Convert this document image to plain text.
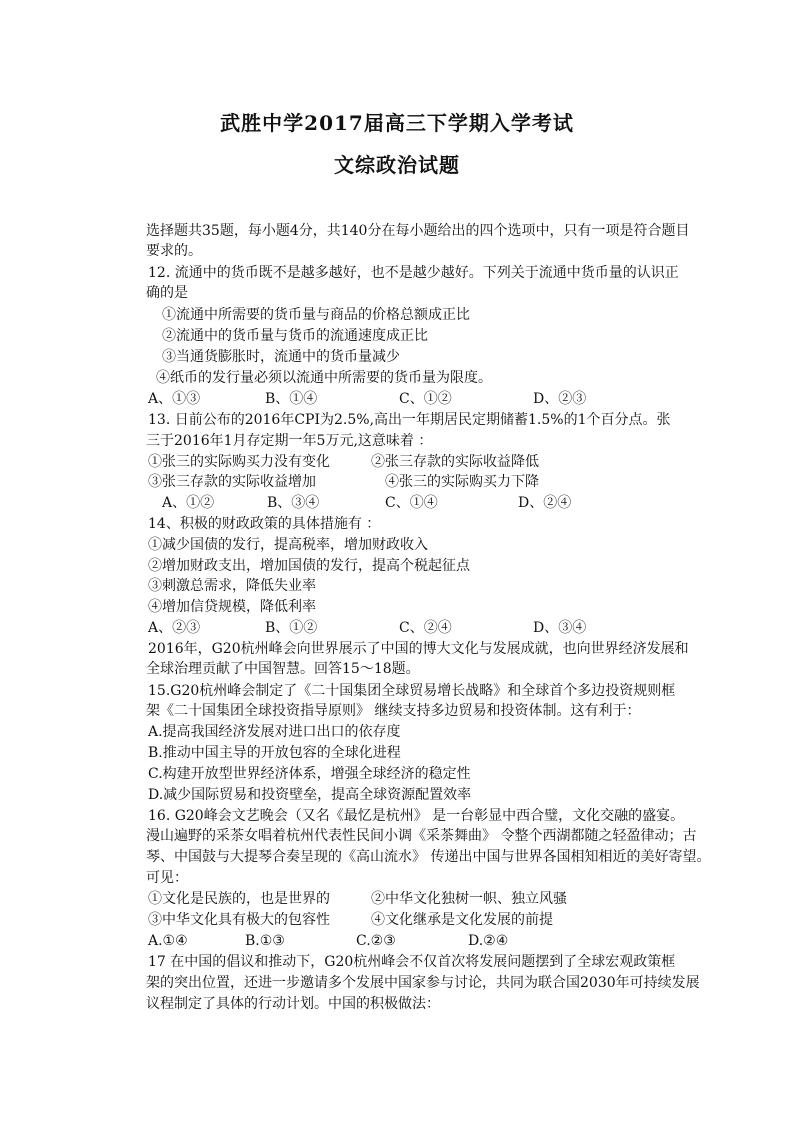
武胜中学2017届高三下学期入学考试
文综政治试题
选择题共35题，每小题4分，共140分在每小题给出的四个选项中，只有一项是符合题目
要求的。
12. 流通中的货币既不是越多越好，也不是越少越好。下列关于流通中货币量的认识正
确的是
①流通中所需要的货币量与商品的价格总额成正比
②流通中的货币量与货币的流通速度成正比
③当通货膨胀时，流通中的货币量减少
④纸币的发行量必须以流通中所需要的货币量为限度。
A、①③	B、①④	C、①②	D、②③
13. 日前公布的2016年CPI为2.5%,高出一年期居民定期储蓄1.5%的1个百分点。张
三于2016年1月存定期一年5万元,这意味着 ：
①张三的实际购买力没有变化	②张三存款的实际收益降低
③张三存款的实际收益增加	④张三的实际购买力下降
A、①②	B、③④	C、①④	D、②④
14、积极的财政政策的具体措施有 ：
①减少国债的发行，提高税率，增加财政收入
②增加财政支出，增加国债的发行，提高个税起征点
③刺激总需求，降低失业率
④增加信贷规模，降低利率
A、②③	B、①②	C、②④	D、③④
2016年，G20杭州峰会向世界展示了中国的博大文化与发展成就，也向世界经济发展和
全球治理贡献了中国智慧。回答15～18题。
15.G20杭州峰会制定了《二十国集团全球贸易增长战略》和全球首个多边投资规则框
架《二十国集团全球投资指导原则》 继续支持多边贸易和投资体制。这有利于：
A.提高我国经济发展对进口出口的依存度
B.推动中国主导的开放包容的全球化进程
C.构建开放型世界经济体系，增强全球经济的稳定性
D.减少国际贸易和投资壁垒，提高全球资源配置效率
16. G20峰会文艺晚会（又名《最忆是杭州》 是一台彰显中西合璧，文化交融的盛宴。
漫山遍野的采茶女唱着杭州代表性民间小调《采茶舞曲》 令整个西湖都随之轻盈律动；古
琴、中国鼓与大提琴合奏呈现的《高山流水》 传递出中国与世界各国相知相近的美好寄望。
可见：
①文化是民族的，也是世界的	②中华文化独树一帜、独立风骚
③中华文化具有极大的包容性	④文化继承是文化发展的前提
A.①④	B.①③	C.②③	D.②④
17 在中国的倡议和推动下，G20杭州峰会不仅首次将发展问题摆到了全球宏观政策框
架的突出位置，还进一步邀请多个发展中国家参与讨论，共同为联合国2030年可持续发展
议程制定了具体的行动计划。中国的积极做法：
